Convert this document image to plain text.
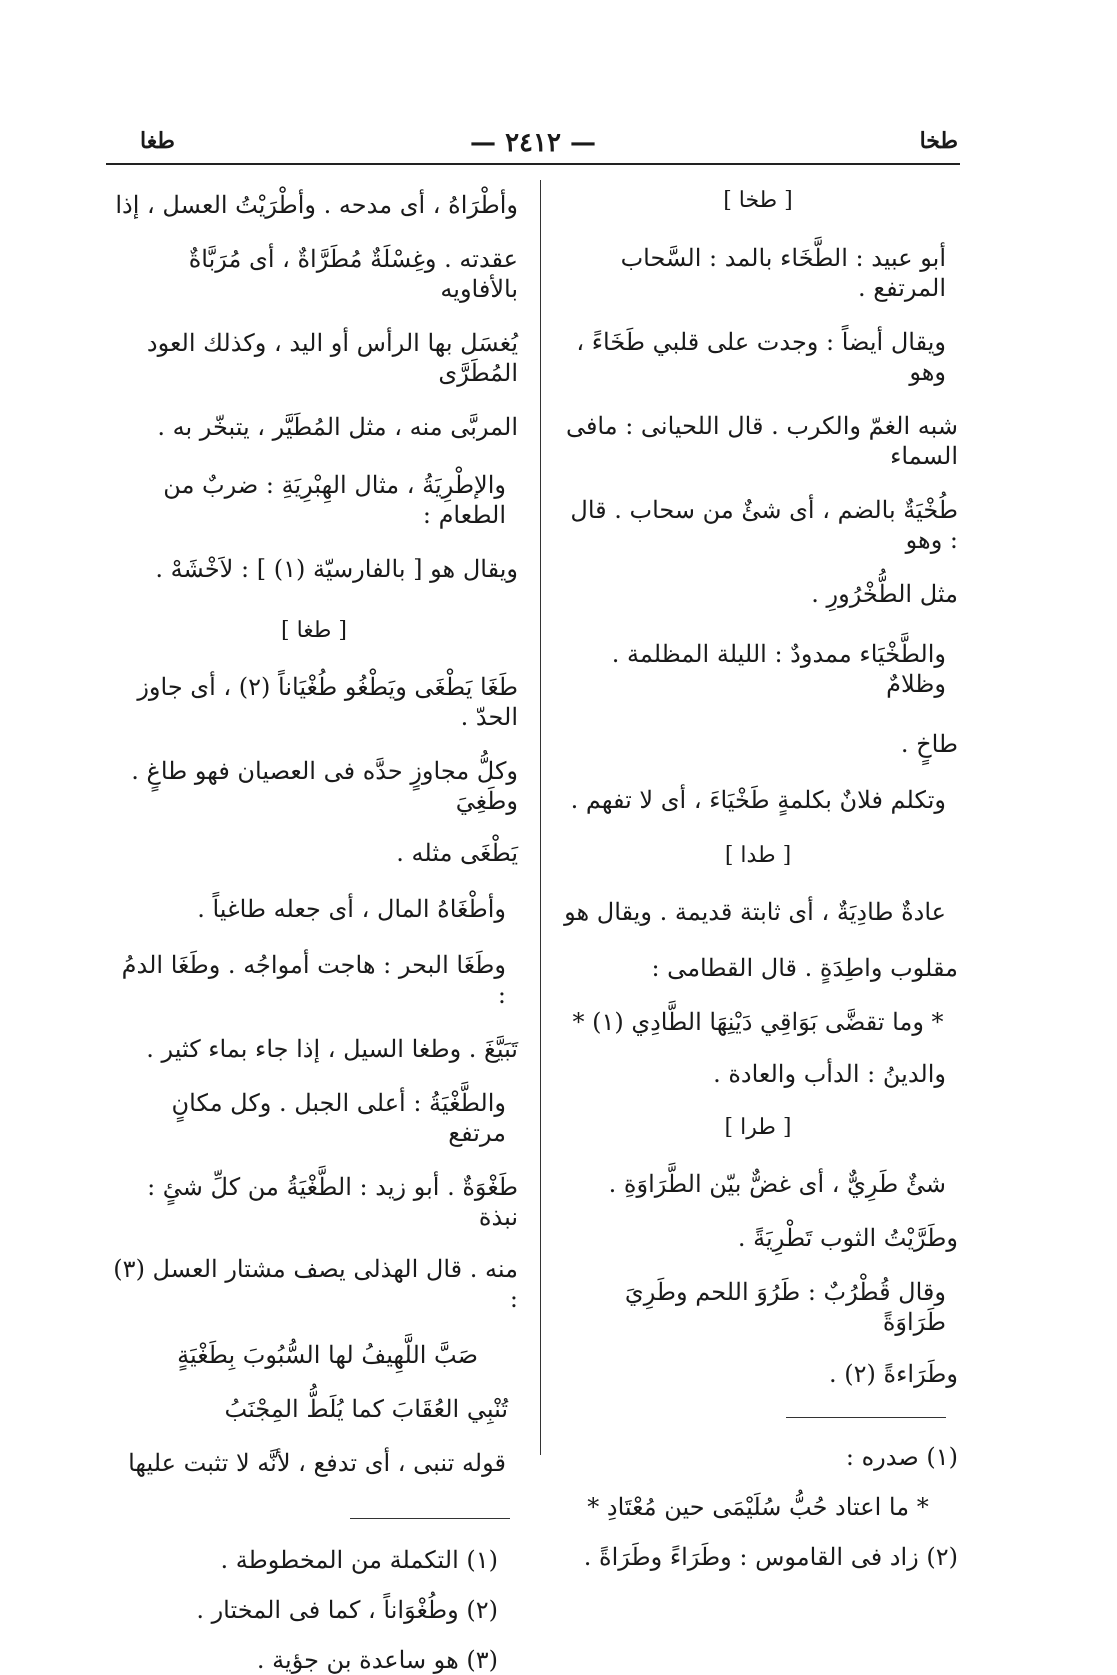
طخا
— ٢٤١٢ —
طغا

[ طخا ]

أبو عبيد : الطَّخَاء بالمد : السَّحاب المرتفع .

ويقال أيضاً : وجدت على قلبي طَخَاءً ، وهو

شبه الغمّ والكرب . قال اللحيانى : مافى السماء

طُخْيَةٌ بالضم ، أى شئٌ من سحاب . قال : وهو

مثل الطُّخْرُورِ .

والطَّخْيَاء ممدودٌ : الليلة المظلمة . وظلامٌ

طاخٍ .

وتكلم فلانٌ بكلمةٍ طَخْيَاءَ ، أى لا تفهم .

[ طدا ]

عادةٌ طادِيَةٌ ، أى ثابتة قديمة . ويقال هو

مقلوب واطِدَةٍ . قال القطامى :

* وما تقضَّى بَوَاقِي دَيْنِهَا الطَّادِي (١) *

والدينُ : الدأب والعادة .

[ طرا ]

شئٌ طَرِيٌّ ، أى غضٌّ بيّن الطَّرَاوَةِ .

وطَرَّيْتُ الثوب تَطْرِيَةً .

وقال قُطْرُبٌ : طَرُوَ اللحم وطَرِيَ طَرَاوَةً

وطَرَاءةً (٢) .

(١) صدره :

* ما اعتاد حُبُّ سُلَيْمَى حين مُعْتَادِ *

(٢) زاد فى القاموس : وطَرَاءً وطَرَاةً .

وأطْرَاهُ ، أى مدحه . وأطْرَيْتُ العسل ، إذا

عقدته . وغِسْلَةٌ مُطَرَّاةٌ ، أى مُرَبَّاةٌ بالأفاويه

يُغسَل بها الرأس أو اليد ، وكذلك العود المُطَرَّى

المربَّى منه ، مثل المُطَيَّر ، يتبخّر به .

والإطْرِيَةُ ، مثال الهِبْرِيَةِ : ضربٌ من الطعام :

ويقال هو [ بالفارسيّة (١) ] : لاَخْشَهْ .

[ طغا ]

طَغَا يَطْغَى ويَطْغُو طُغْيَاناً (٢) ، أى جاوز الحدّ .

وكلُّ مجاوزٍ حدَّه فى العصيان فهو طاغٍ . وطَغِيَ

يَطْغَى مثله .

وأطْغَاهُ المال ، أى جعله طاغياً .

وطَغَا البحر : هاجت أمواجُه . وطَغَا الدمُ :

تَبَيَّغَ . وطغا السيل ، إذا جاء بماء كثير .

والطَّغْيَةُ : أعلى الجبل . وكل مكانٍ مرتفع

طَغْوَةٌ . أبو زيد : الطَّغْيَةُ من كلِّ شئٍ : نبذة

منه . قال الهذلى يصف مشتار العسل (٣) :

صَبَّ اللَّهِيفُ لها السُّبُوبَ بِطَغْيَةٍ

تُنْبِي العُقَابَ كما يُلَطُّ المِجْنَبُ

قوله تنبى ، أى تدفع ، لأنَّه لا تثبت عليها

(١) التكملة من المخطوطة .

(٢) وطُغْوَاناً ، كما فى المختار .

(٣) هو ساعدة بن جؤية .
